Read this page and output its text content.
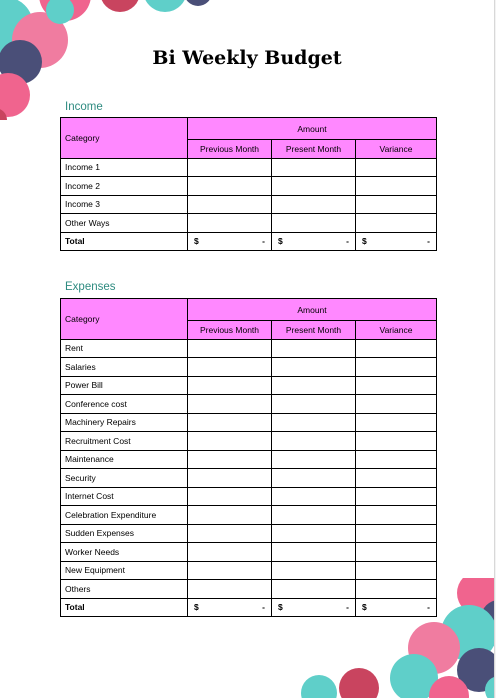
Bi Weekly Budget
Income
Category	Amount		
	Previous Month	Present Month	Variance
Income 1			
Income 2			
Income 3			
Other Ways			
Total	$ -	$ -	$ -
Expenses
Category	Amount		
	Previous Month	Present Month	Variance
Rent			
Salaries			
Power Bill			
Conference cost			
Machinery Repairs			
Recruitment Cost			
Maintenance			
Security			
Internet Cost			
Celebration Expenditure			
Sudden Expenses			
Worker Needs			
New Equipment			
Others			
Total	$ -	$ -	$ -
